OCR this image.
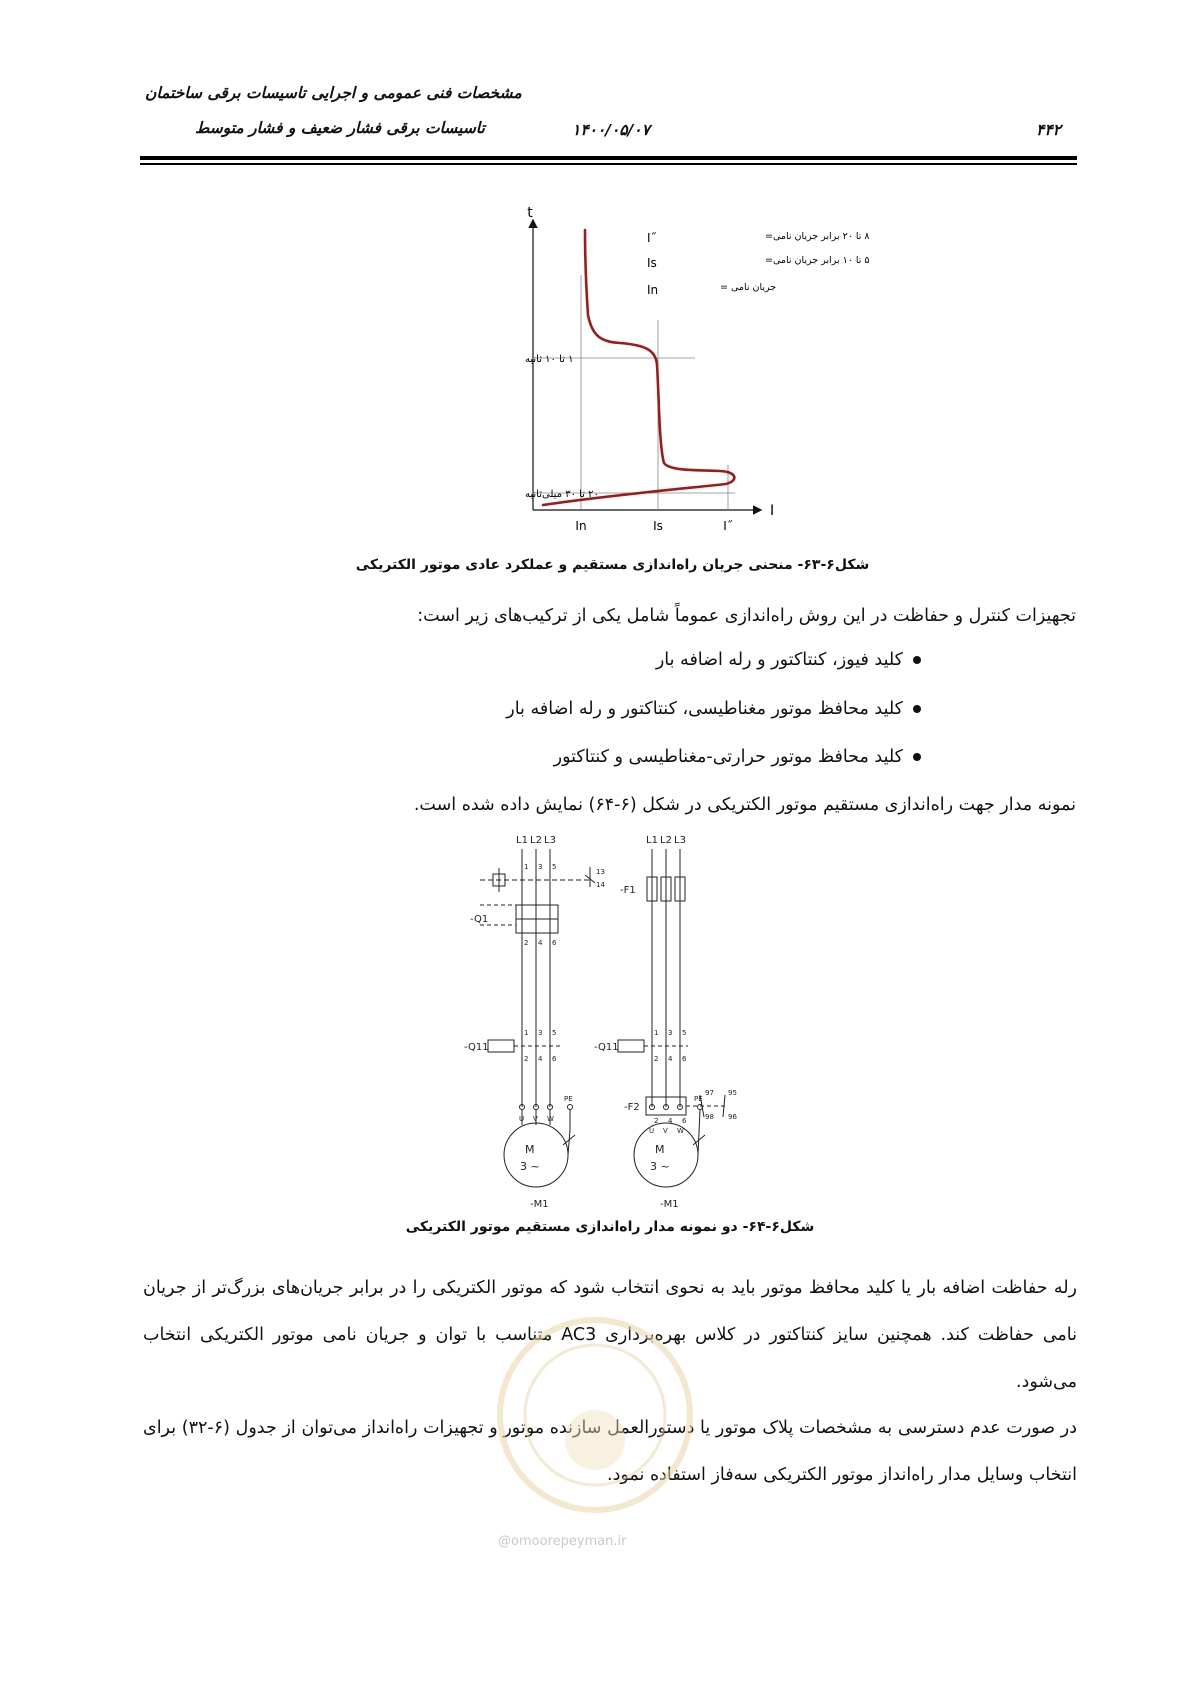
مشخصات فنی عمومی و اجرایی تاسیسات برقی ساختمان
تاسیسات برقی فشار ضعیف و فشار متوسط	۱۴۰۰/۰۵/۰۷	۴۴۲
t
I
۱ تا ۱۰ ثانیه
۲۰ تا ۳۰ میلی‌ثانیه
In	Is	I˝
I˝	۸ تا ۲۰ برابر جریان نامی=
Is	۵ تا ۱۰ برابر جریان نامی=
In	جریان نامی =
شکل۶-۶۳- منحنی جریان راه‌اندازی مستقیم و عملکرد عادی موتور الکتریکی
تجهیزات کنترل و حفاظت در این روش راه‌اندازی عموماً شامل یکی از ترکیب‌های زیر است:
کلید فیوز، کنتاکتور و رله اضافه بار
کلید محافظ موتور مغناطیسی، کنتاکتور و رله اضافه بار
کلید محافظ موتور حرارتی-مغناطیسی و کنتاکتور
نمونه مدار جهت راه‌اندازی مستقیم موتور الکتریکی در شکل (۶-۶۴) نمایش داده شده است.
L1 L2 L3
13
14
-Q1
-Q11
-M1
M
3 ~
L1 L2 L3
-F1
-Q11
-F2
97
98
95
96
-M1
M
3 ~
1 3 5
2 4 6
1 3 5
2 4 6
1 3 5
2 4 6
2 4 6
U V W
U V W
PE	PE
شکل۶-۶۴- دو نمونه مدار راه‌اندازی مستقیم موتور الکتریکی
رله حفاظت اضافه بار یا کلید محافظ موتور باید به نحوی انتخاب شود که موتور الکتریکی را در برابر جریان‌های بزرگ‌تر از جریان نامی حفاظت کند. همچنین سایز کنتاکتور در کلاس بهره‌برداری AC3 متناسب با توان و جریان نامی موتور الکتریکی انتخاب می‌شود.
در صورت عدم دسترسی به مشخصات پلاک موتور یا دستورالعمل سازنده موتور و تجهیزات راه‌انداز می‌توان از جدول (۶-۳۲) برای انتخاب وسایل مدار راه‌انداز موتور الکتریکی سه‌فاز استفاده نمود.
@omoorepeyman.ir
